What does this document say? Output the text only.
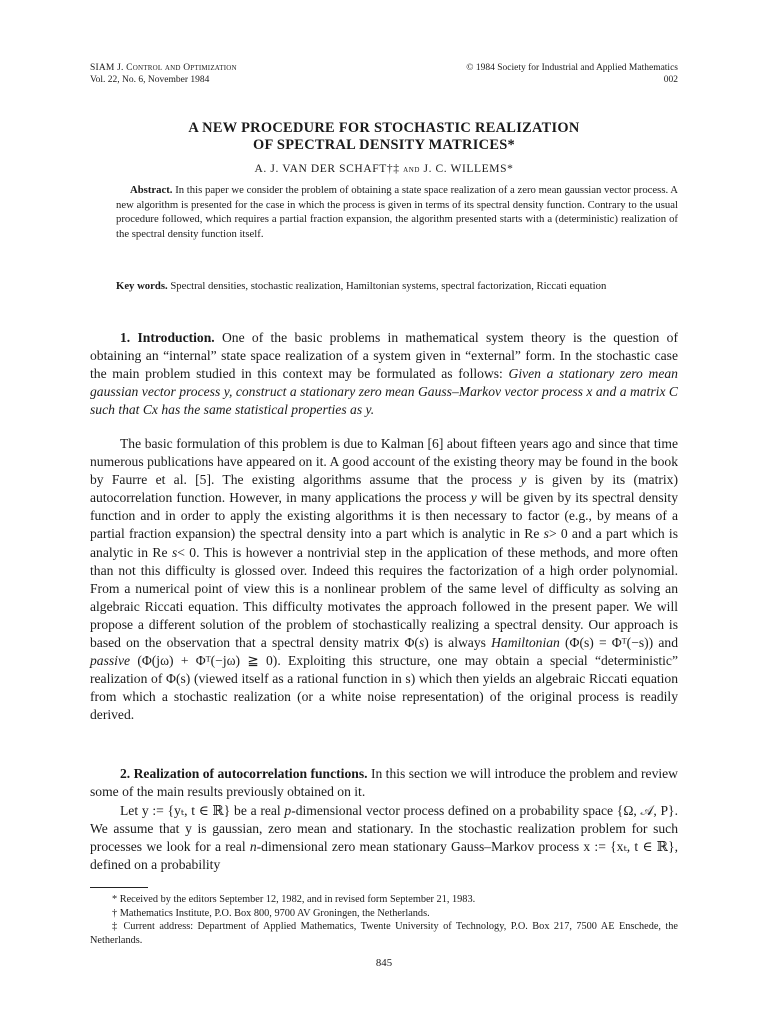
SIAM J. Control and Optimization
Vol. 22, No. 6, November 1984
© 1984 Society for Industrial and Applied Mathematics
002
A NEW PROCEDURE FOR STOCHASTIC REALIZATION
OF SPECTRAL DENSITY MATRICES*
A. J. VAN DER SCHAFT†‡ and J. C. WILLEMS*

Abstract. In this paper we consider the problem of obtaining a state space realization of a zero mean gaussian vector process. A new algorithm is presented for the case in which the process is given in terms of its spectral density function. Contrary to the usual procedure followed, which requires a partial fraction expansion, the algorithm presented starts with a (deterministic) realization of the spectral density function itself.

Key words. Spectral densities, stochastic realization, Hamiltonian systems, spectral factorization, Riccati equation

1. Introduction. One of the basic problems in mathematical system theory is the question of obtaining an “internal” state space realization of a system given in “external” form. In the stochastic case the main problem studied in this context may be formulated as follows: Given a stationary zero mean gaussian vector process y, construct a stationary zero mean Gauss–Markov vector process x and a matrix C such that Cx has the same statistical properties as y.

The basic formulation of this problem is due to Kalman [6] about fifteen years ago and since that time numerous publications have appeared on it. A good account of the existing theory may be found in the book by Faurre et al. [5]. The existing algorithms assume that the process y is given by its (matrix) autocorrelation function. However, in many applications the process y will be given by its spectral density function and in order to apply the existing algorithms it is then necessary to factor (e.g., by means of a partial fraction expansion) the spectral density into a part which is analytic in Re s> 0 and a part which is analytic in Re s< 0. This is however a nontrivial step in the application of these methods, and more often than not this difficulty is glossed over. Indeed this requires the factorization of a high order polynomial. From a numerical point of view this is a nonlinear problem of the same level of difficulty as solving an algebraic Riccati equation. This difficulty motivates the approach followed in the present paper. We will propose a different solution of the problem of stochastically realizing a spectral density. Our approach is based on the observation that a spectral density matrix Φ(s) is always Hamiltonian (Φ(s) = Φᵀ(−s)) and passive (Φ(jω) + Φᵀ(−jω) ≧ 0). Exploiting this structure, one may obtain a special “deterministic” realization of Φ(s) (viewed itself as a rational function in s) which then yields an algebraic Riccati equation from which a stochastic realization (or a white noise representation) of the original process is readily derived.

2. Realization of autocorrelation functions. In this section we will introduce the problem and review some of the main results previously obtained on it.

Let y := {yₜ, t ∈ ℝ} be a real p-dimensional vector process defined on a probability space {Ω, 𝒜, P}. We assume that y is gaussian, zero mean and stationary. In the stochastic realization problem for such processes we look for a real n-dimensional zero mean stationary Gauss–Markov process x := {xₜ, t ∈ ℝ}, defined on a probability

* Received by the editors September 12, 1982, and in revised form September 21, 1983.

† Mathematics Institute, P.O. Box 800, 9700 AV Groningen, the Netherlands.

‡ Current address: Department of Applied Mathematics, Twente University of Technology, P.O. Box 217, 7500 AE Enschede, the Netherlands.

845
